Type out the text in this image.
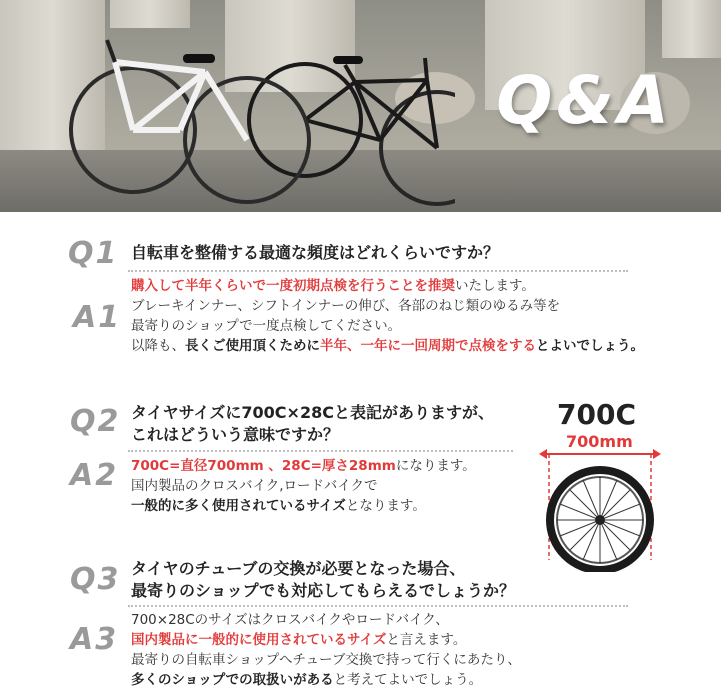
Q&A
Q1 自転車を整備する最適な頻度はどれくらいですか？
A1
購入して半年くらいで一度初期点検を行うことを推奨いたします。
ブレーキインナー、シフトインナーの伸び、各部のねじ類のゆるみ等を
最寄りのショップで一度点検してください。
以降も、長くご使用頂くために半年、一年に一回周期で点検をするとよいでしょう。
Q2 タイヤサイズに700C×28Cと表記がありますが、
これはどういう意味ですか？
A2 700C=直径700mm 、28C=厚さ28mmになります。
国内製品のクロスバイク,ロードバイクで
一般的に多く使用されているサイズとなります。
700C
700mm
Q3 タイヤのチューブの交換が必要となった場合、
最寄りのショップでも対応してもらえるでしょうか？
A3
700×28Cのサイズはクロスバイクやロードバイク、
国内製品に一般的に使用されているサイズと言えます。
最寄りの自転車ショップへチューブ交換で持って行くにあたり、
多くのショップでの取扱いがあると考えてよいでしょう。
